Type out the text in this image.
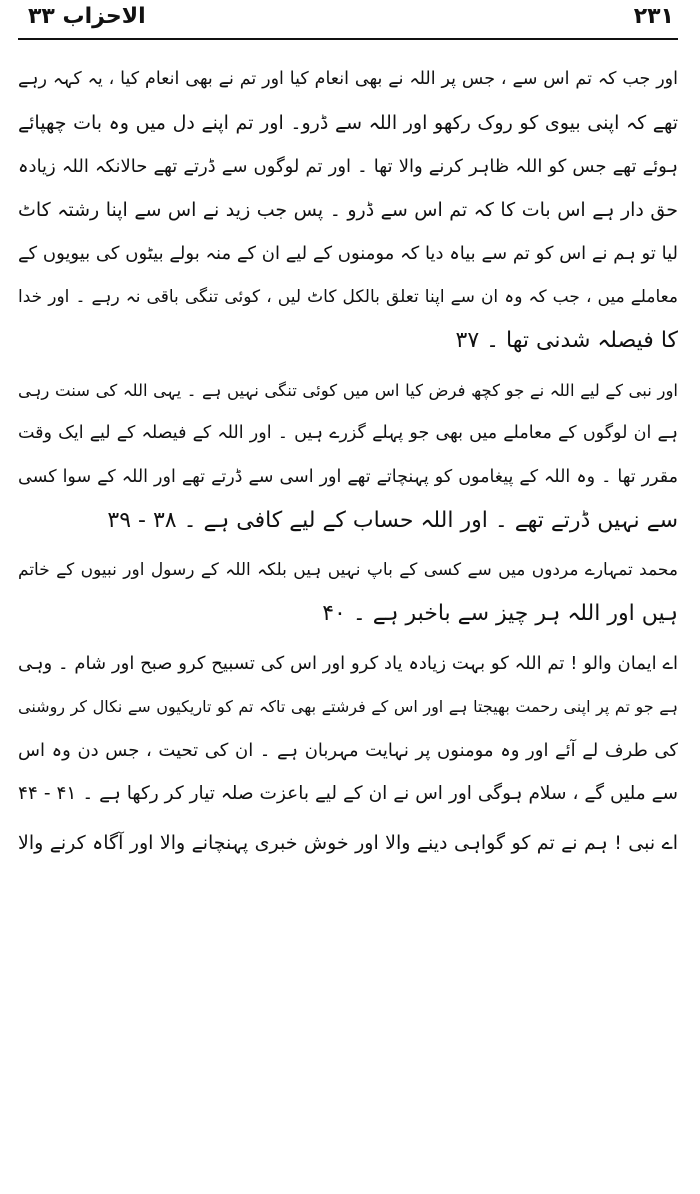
۲۳۱
الاحزاب ۳۳
اور جب کہ تم اس سے ، جس پر اللہ نے بھی انعام کیا اور تم نے بھی انعام کیا ، یہ کہہ رہے
تھے کہ اپنی بیوی کو روک رکھو اور اللہ سے ڈرو۔ اور تم اپنے دل میں وہ بات چھپائے
ہوئے تھے جس کو اللہ ظاہر کرنے والا تھا ۔ اور تم لوگوں سے ڈرتے تھے حالانکہ اللہ زیادہ
حق دار ہے اس بات کا کہ تم اس سے ڈرو ۔ پس جب زید نے اس سے اپنا رشتہ کاٹ
لیا تو ہم نے اس کو تم سے بیاہ دیا کہ مومنوں کے لیے ان کے منہ بولے بیٹوں کی بیویوں کے
معاملے میں ، جب کہ وہ ان سے اپنا تعلق بالکل کاٹ لیں ، کوئی تنگی باقی نہ رہے ۔ اور خدا
کا فیصلہ شدنی تھا ۔ ۳۷
اور نبی کے لیے اللہ نے جو کچھ فرض کیا اس میں کوئی تنگی نہیں ہے ۔ یہی اللہ کی سنت رہی
ہے ان لوگوں کے معاملے میں بھی جو پہلے گزرے ہیں ۔ اور اللہ کے فیصلہ کے لیے ایک وقت
مقرر تھا ۔ وہ اللہ کے پیغاموں کو پہنچاتے تھے اور اسی سے ڈرتے تھے اور اللہ کے سوا کسی
سے نہیں ڈرتے تھے ۔ اور اللہ حساب کے لیے کافی ہے ۔ ۳۸ - ۳۹
محمد تمہارے مردوں میں سے کسی کے باپ نہیں ہیں بلکہ اللہ کے رسول اور نبیوں کے خاتم
ہیں اور اللہ ہر چیز سے باخبر ہے ۔ ۴۰
اے ایمان والو ! تم اللہ کو بہت زیادہ یاد کرو اور اس کی تسبیح کرو صبح اور شام ۔ وہی
ہے جو تم پر اپنی رحمت بھیجتا ہے اور اس کے فرشتے بھی تاکہ تم کو تاریکیوں سے نکال کر روشنی
کی طرف لے آئے اور وہ مومنوں پر نہایت مہربان ہے ۔ ان کی تحیت ، جس دن وہ اس
سے ملیں گے ، سلام ہوگی اور اس نے ان کے لیے باعزت صلہ تیار کر رکھا ہے ۔ ۴۱ - ۴۴
اے نبی ! ہم نے تم کو گواہی دینے والا اور خوش خبری پہنچانے والا اور آگاہ کرنے والا
